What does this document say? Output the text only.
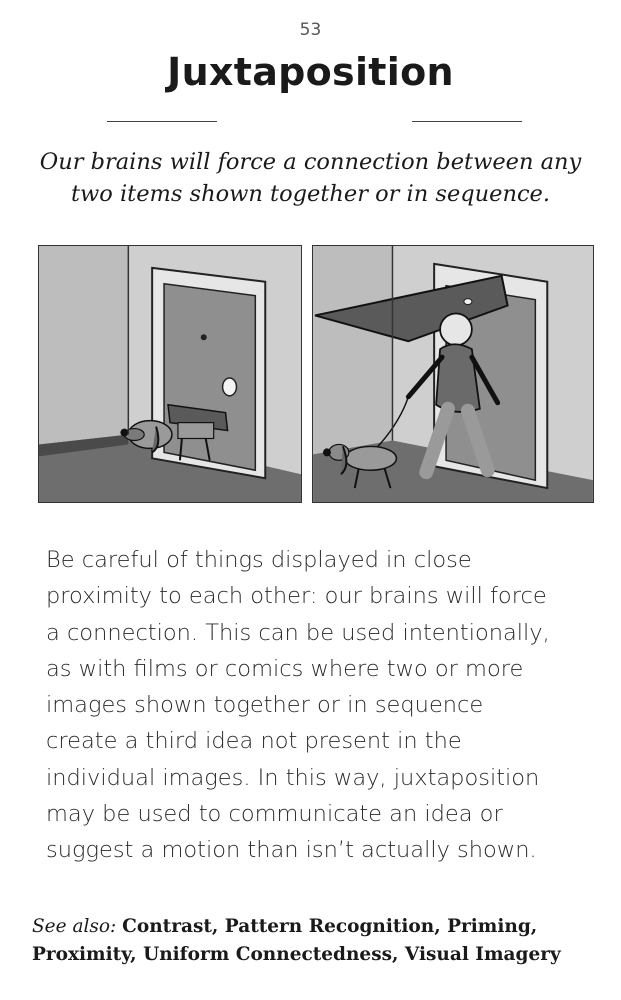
53
Juxtaposition
Our brains will force a connection between any
two items shown together or in sequence.
Be careful of things displayed in close
proximity to each other: our brains will force
a connection. This can be used intentionally,
as with films or comics where two or more
images shown together or in sequence
create a third idea not present in the
individual images. In this way, juxtaposition
may be used to communicate an idea or
suggest a motion than isn’t actually shown.
See also: Contrast, Pattern Recognition, Priming,
Proximity, Uniform Connectedness, Visual Imagery
